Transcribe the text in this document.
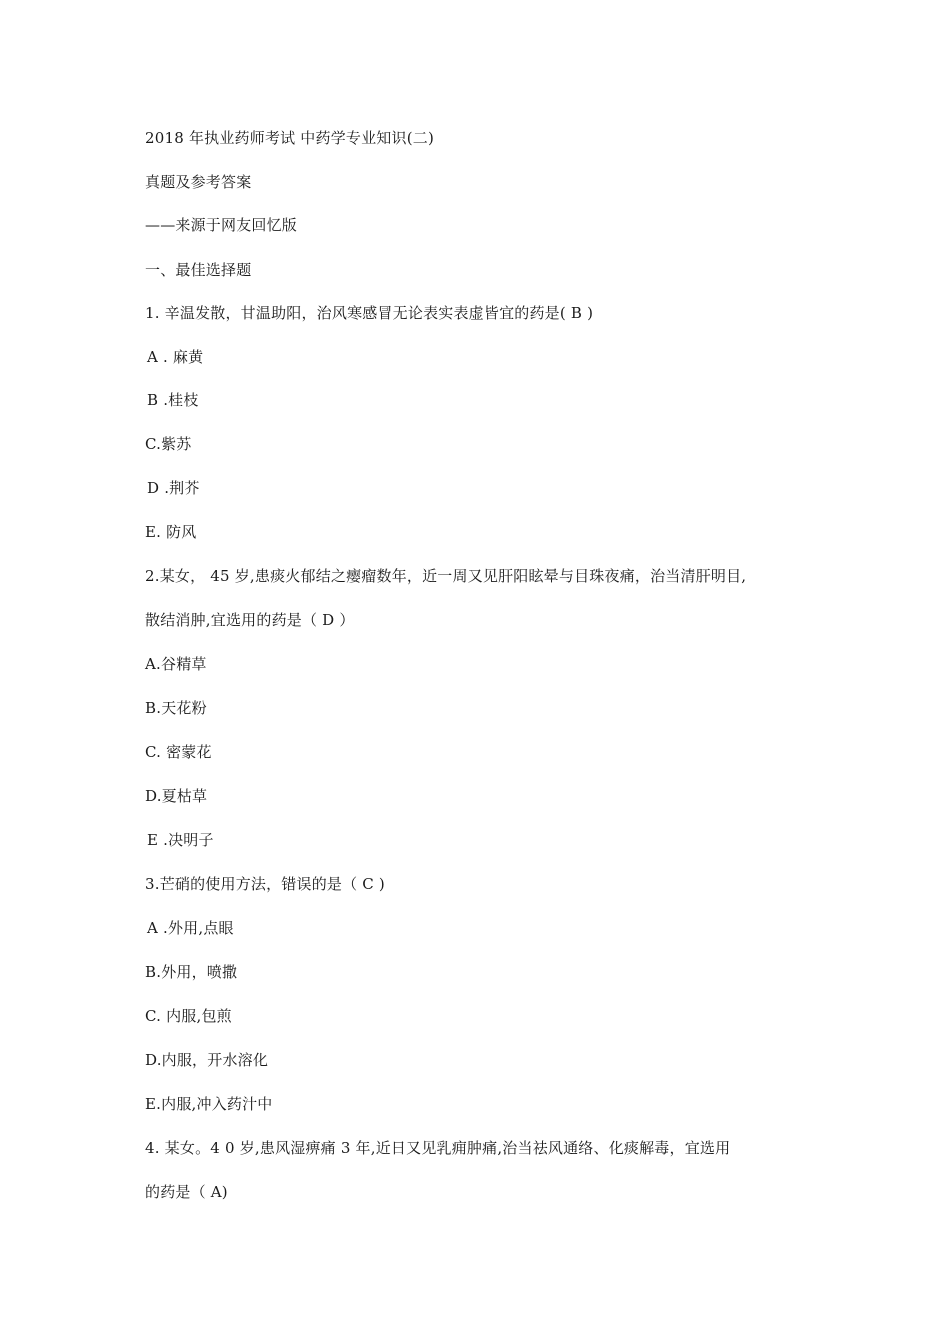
2018 年执业药师考试 中药学专业知识(二)
真题及参考答案
——来源于网友回忆版
一、最佳选择题
1. 辛温发散，甘温助阳，治风寒感冒无论表实表虚皆宜的药是( B )
A . 麻黄
B .桂枝
C.紫苏
D .荆芥
E. 防风
2.某女， 45 岁,患痰火郁结之瘿瘤数年，近一周又见肝阳眩晕与目珠夜痛，治当清肝明目,
散结消肿,宜选用的药是（ D ）
A.谷精草
B.天花粉
C. 密蒙花
D.夏枯草
E .决明子
3.芒硝的使用方法，错误的是（ C )
A .外用,点眼
B.外用，喷撒
C. 内服,包煎
D.内服，开水溶化
E.内服,冲入药汁中
4. 某女。4 0 岁,患风湿痹痛 3 年,近日又见乳痈肿痛,治当祛风通络、化痰解毒，宜选用
的药是（ A)
